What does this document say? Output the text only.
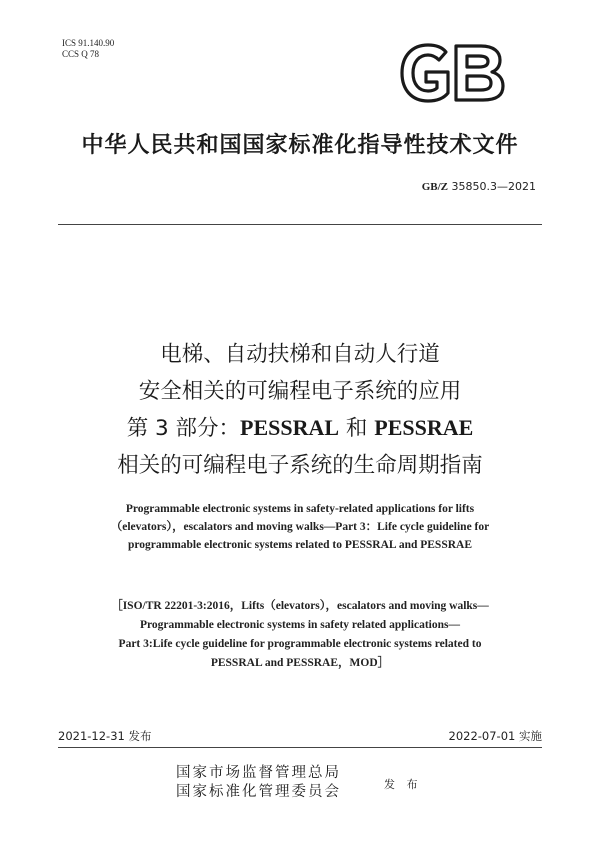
ICS 91.140.90
CCS Q 78
中华人民共和国国家标准化指导性技术文件
GB/Z 35850.3—2021
电梯、自动扶梯和自动人行道
安全相关的可编程电子系统的应用
第 3 部分：PESSRAL 和 PESSRAE
相关的可编程电子系统的生命周期指南
Programmable electronic systems in safety-related applications for lifts
（elevators），escalators and moving walks—Part 3：Life cycle guideline for
programmable electronic systems related to PESSRAL and PESSRAE
［ISO/TR 22201-3:2016，Lifts（elevators），escalators and moving walks—
Programmable electronic systems in safety related applications—
Part 3:Life cycle guideline for programmable electronic systems related to
PESSRAL and PESSRAE，MOD］
2021-12-31 发布	2022-07-01 实施
国家市场监督管理总局
国家标准化管理委员会	发 布
